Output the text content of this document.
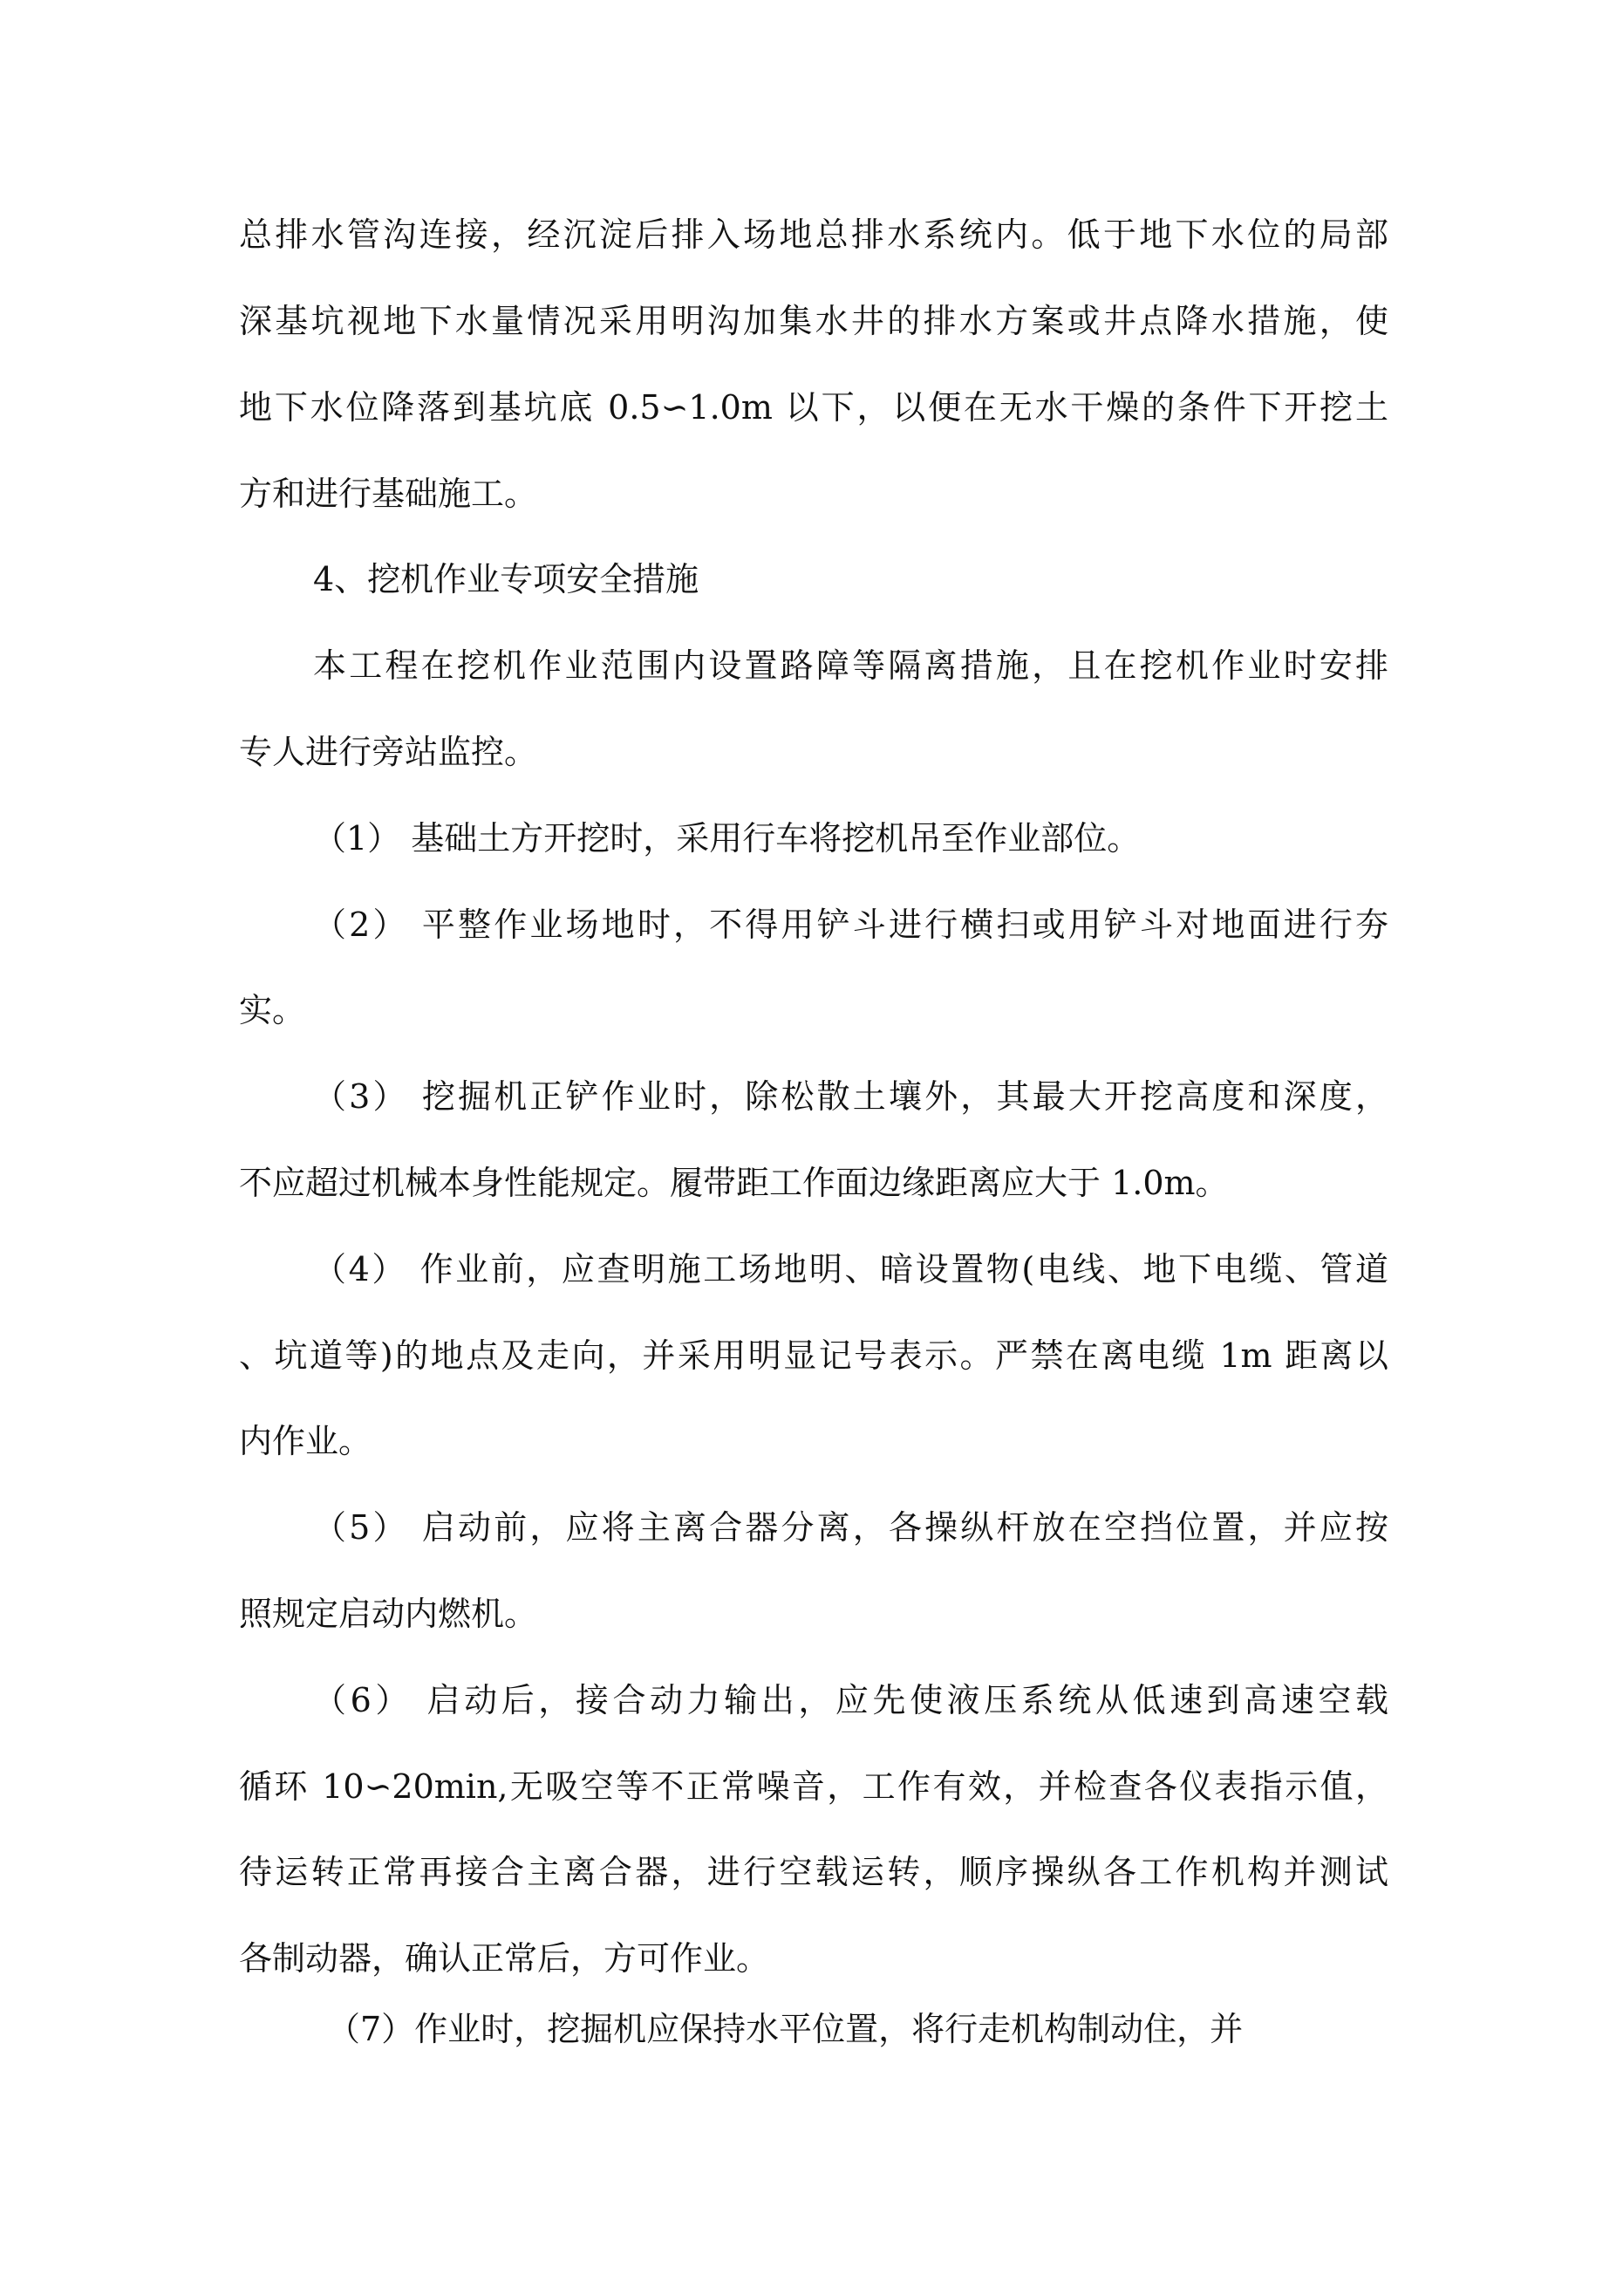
总排水管沟连接，经沉淀后排入场地总排水系统内。低于地下水位的局部
深基坑视地下水量情况采用明沟加集水井的排水方案或井点降水措施，使
地下水位降落到基坑底 0.5∽1.0m 以下，以便在无水干燥的条件下开挖土
方和进行基础施工。
4、挖机作业专项安全措施
本工程在挖机作业范围内设置路障等隔离措施，且在挖机作业时安排
专人进行旁站监控。
（1） 基础土方开挖时，采用行车将挖机吊至作业部位。
（2） 平整作业场地时，不得用铲斗进行横扫或用铲斗对地面进行夯
实。
（3） 挖掘机正铲作业时，除松散土壤外，其最大开挖高度和深度，
不应超过机械本身性能规定。履带距工作面边缘距离应大于 1.0m。
（4） 作业前，应查明施工场地明、暗设置物(电线、地下电缆、管道
、坑道等)的地点及走向，并采用明显记号表示。严禁在离电缆 1m 距离以
内作业。
（5） 启动前，应将主离合器分离，各操纵杆放在空挡位置，并应按
照规定启动内燃机。
（6） 启动后，接合动力输出，应先使液压系统从低速到高速空载
循环 10∽20min,无吸空等不正常噪音，工作有效，并检查各仪表指示值，
待运转正常再接合主离合器，进行空载运转，顺序操纵各工作机构并测试
各制动器，确认正常后，方可作业。
（7）作业时，挖掘机应保持水平位置，将行走机构制动住，并
